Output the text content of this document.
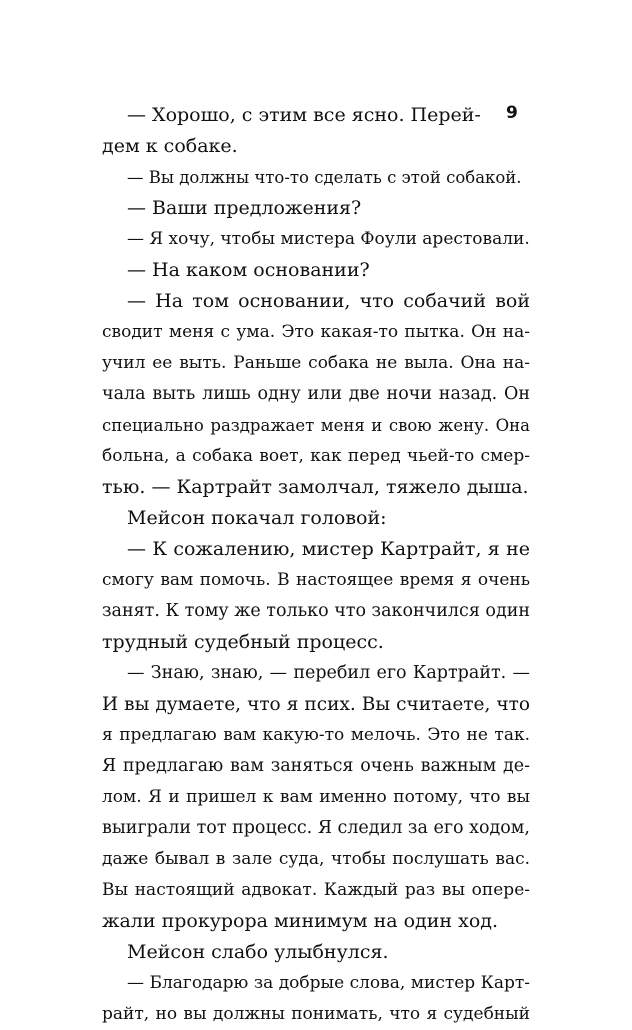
9
— Хорошо, с этим все ясно. Перей-
дем к собаке.
— Вы должны что-то сделать с этой собакой.
— Ваши предложения?
— Я хочу, чтобы мистера Фоули арестовали.
— На каком основании?
— На том основании, что собачий вой
сводит меня с ума. Это какая-то пытка. Он на-
учил ее выть. Раньше собака не выла. Она на-
чала выть лишь одну или две ночи назад. Он
специально раздражает меня и свою жену. Она
больна, а собака воет, как перед чьей-то смер-
тью. — Картрайт замолчал, тяжело дыша.
Мейсон покачал головой:
— К сожалению, мистер Картрайт, я не
смогу вам помочь. В настоящее время я очень
занят. К тому же только что закончился один
трудный судебный процесс.
— Знаю, знаю, — перебил его Картрайт. —
И вы думаете, что я псих. Вы считаете, что
я предлагаю вам какую-то мелочь. Это не так.
Я предлагаю вам заняться очень важным де-
лом. Я и пришел к вам именно потому, что вы
выиграли тот процесс. Я следил за его ходом,
даже бывал в зале суда, чтобы послушать вас.
Вы настоящий адвокат. Каждый раз вы опере-
жали прокурора минимум на один ход.
Мейсон слабо улыбнулся.
— Благодарю за добрые слова, мистер Карт-
райт, но вы должны понимать, что я судебный
